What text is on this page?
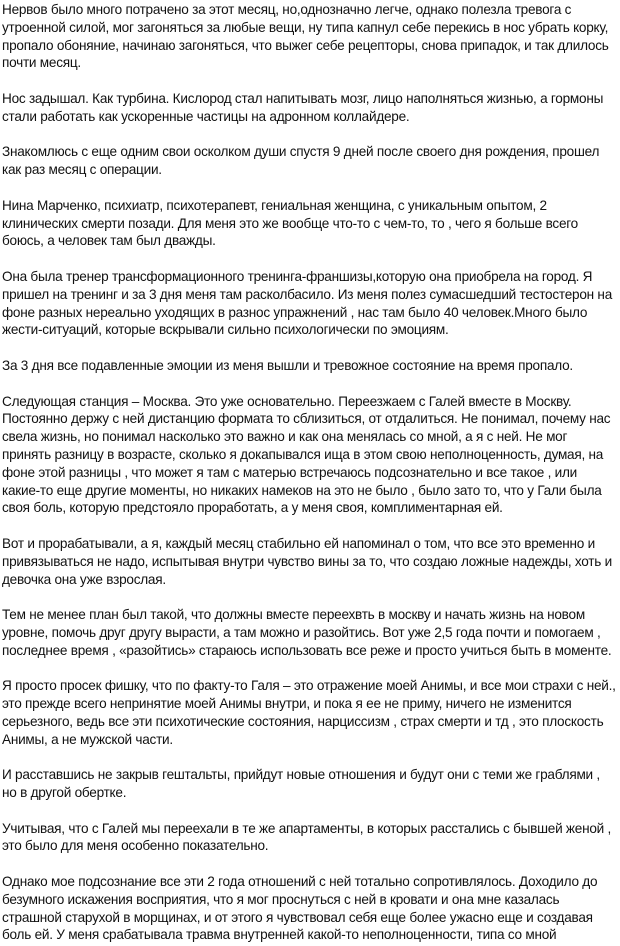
Нервов было много потрачено за этот месяц, но,однозначно легче, однако полезла тревога с
утроенной силой, мог загоняться за любые вещи, ну типа капнул себе перекись в нос убрать корку,
пропало обоняние, начинаю загоняться, что выжег себе рецепторы, снова припадок, и так длилось
почти месяц.
Нос задышал. Как турбина. Кислород стал напитывать мозг, лицо наполняться жизнью, а гормоны
стали работать как ускоренные частицы на адронном коллайдере.
Знакомлюсь с еще одним свои осколком души спустя 9 дней после своего дня рождения, прошел
как раз месяц с операции.
Нина Марченко, психиатр, психотерапевт, гениальная женщина, с уникальным опытом, 2
клинических смерти позади. Для меня это же вообще что-то с чем-то, то , чего я больше всего
боюсь, а человек там был дважды.
Она была тренер трансформационного тренинга-франшизы,которую она приобрела на город. Я
пришел на тренинг и за 3 дня меня там расколбасило. Из меня полез сумасшедший тестостерон на
фоне разных нереально уходящих в разнос упражнений , нас там было 40 человек.Много было
жести-ситуаций, которые вскрывали сильно психологически по эмоциям.
За 3 дня все подавленные эмоции из меня вышли и тревожное состояние на время пропало.
Следующая станция – Москва. Это уже основательно. Переезжаем с Галей вместе в Москву.
Постоянно держу с ней дистанцию формата то сблизиться, от отдалиться. Не понимал, почему нас
свела жизнь, но понимал насколько это важно и как она менялась со мной, а я с ней. Не мог
принять разницу в возрасте, сколько я докапывался ища в этом свою неполноценность, думая, на
фоне этой разницы , что может я там с матерью встречаюсь подсознательно и все такое , или
какие-то еще другие моменты, но никаких намеков на это не было , было зато то, что у Гали была
своя боль, которую предстояло проработать, а у меня своя, комплиментарная ей.
Вот и прорабатывали, а я, каждый месяц стабильно ей напоминал о том, что все это временно и
привязываться не надо, испытывая внутри чувство вины за то, что создаю ложные надежды, хоть и
девочка она уже взрослая.
Тем не менее план был такой, что должны вместе переехвть в москву и начать жизнь на новом
уровне, помочь друг другу вырасти, а там можно и разойтись. Вот уже 2,5 года почти и помогаем ,
последнее время , «разойтись» стараюсь использовать все реже и просто учиться быть в моменте.
Я просто просек фишку, что по факту-то Галя – это отражение моей Анимы, и все мои страхи с ней.,
это прежде всего непринятие моей Анимы внутри, и пока я ее не приму, ничего не изменится
серьезного, ведь все эти психотические состояния, нарциссизм , страх смерти и тд , это плоскость
Анимы, а не мужской части.
И расставшись не закрыв гештальты, прийдут новые отношения и будут они с теми же граблями ,
но в другой обертке.
Учитывая, что с Галей мы переехали в те же апартаменты, в которых расстались с бывшей женой ,
это было для меня особенно показательно.
Однако мое подсознание все эти 2 года отношений с ней тотально сопротивлялось. Доходило до
безумного искажения восприятия, что я мог проснуться с ней в кровати и она мне казалась
страшной старухой в морщинах, и от этого я чувствовал себя еще более ужасно еще и создавая
боль ей. У меня срабатывала травма внутренней какой-то неполноценности, типа со мной
